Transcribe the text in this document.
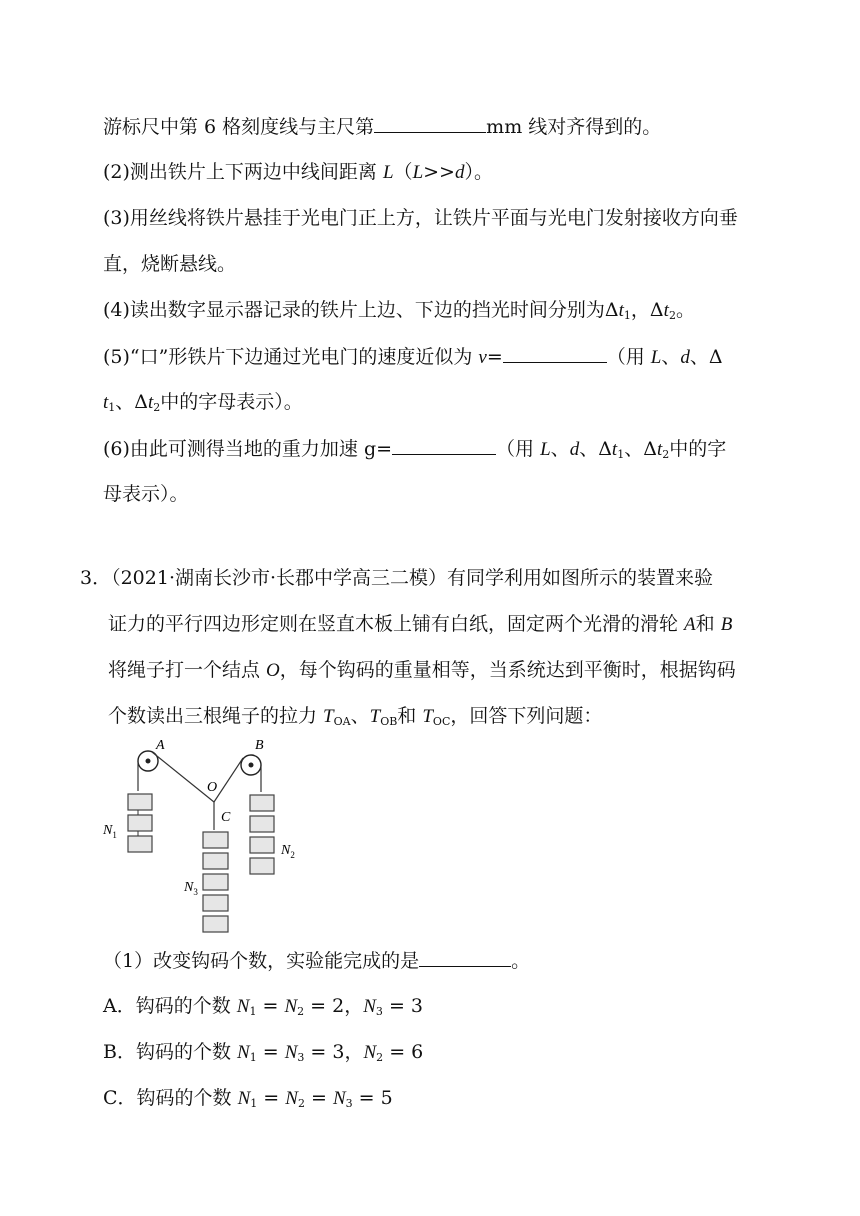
游标尺中第 6 格刻度线与主尺第	mm 线对齐得到的。
(2)测出铁片上下两边中线间距离 L（L>>d）。
(3)用丝线将铁片悬挂于光电门正上方，让铁片平面与光电门发射接收方向垂
直，烧断悬线。
(4)读出数字显示器记录的铁片上边、下边的挡光时间分别为$\Delta t_1$，$\Delta t_2$。
(5)“口”形铁片下边通过光电门的速度近似为 v=	（用 L、d、Δ
$t_1$、$\Delta t_2$中的字母表示）。
(6)由此可测得当地的重力加速 g=	（用 L、d、$\Delta t_1$、$\Delta t_2$中的字
母表示）。
3．（2021·湖南长沙市·长郡中学高三二模）有同学利用如图所示的装置来验
证力的平行四边形定则在竖直木板上铺有白纸，固定两个光滑的滑轮 A和 B
将绳子打一个结点 O，每个钩码的重量相等，当系统达到平衡时，根据钩码
个数读出三根绳子的拉力 $T_{OA}$、$T_{OB}$和 $T_{OC}$，回答下列问题：
A	B
O
C
$N_1$
$N_2$
$N_3$
（1）改变钩码个数，实验能完成的是	。
A．钩码的个数 $N_1 = N_2 = 2$，$N_3 = 3$
B．钩码的个数 $N_1 = N_3 = 3$，$N_2 = 6$
C．钩码的个数 $N_1 = N_2 = N_3 = 5$
